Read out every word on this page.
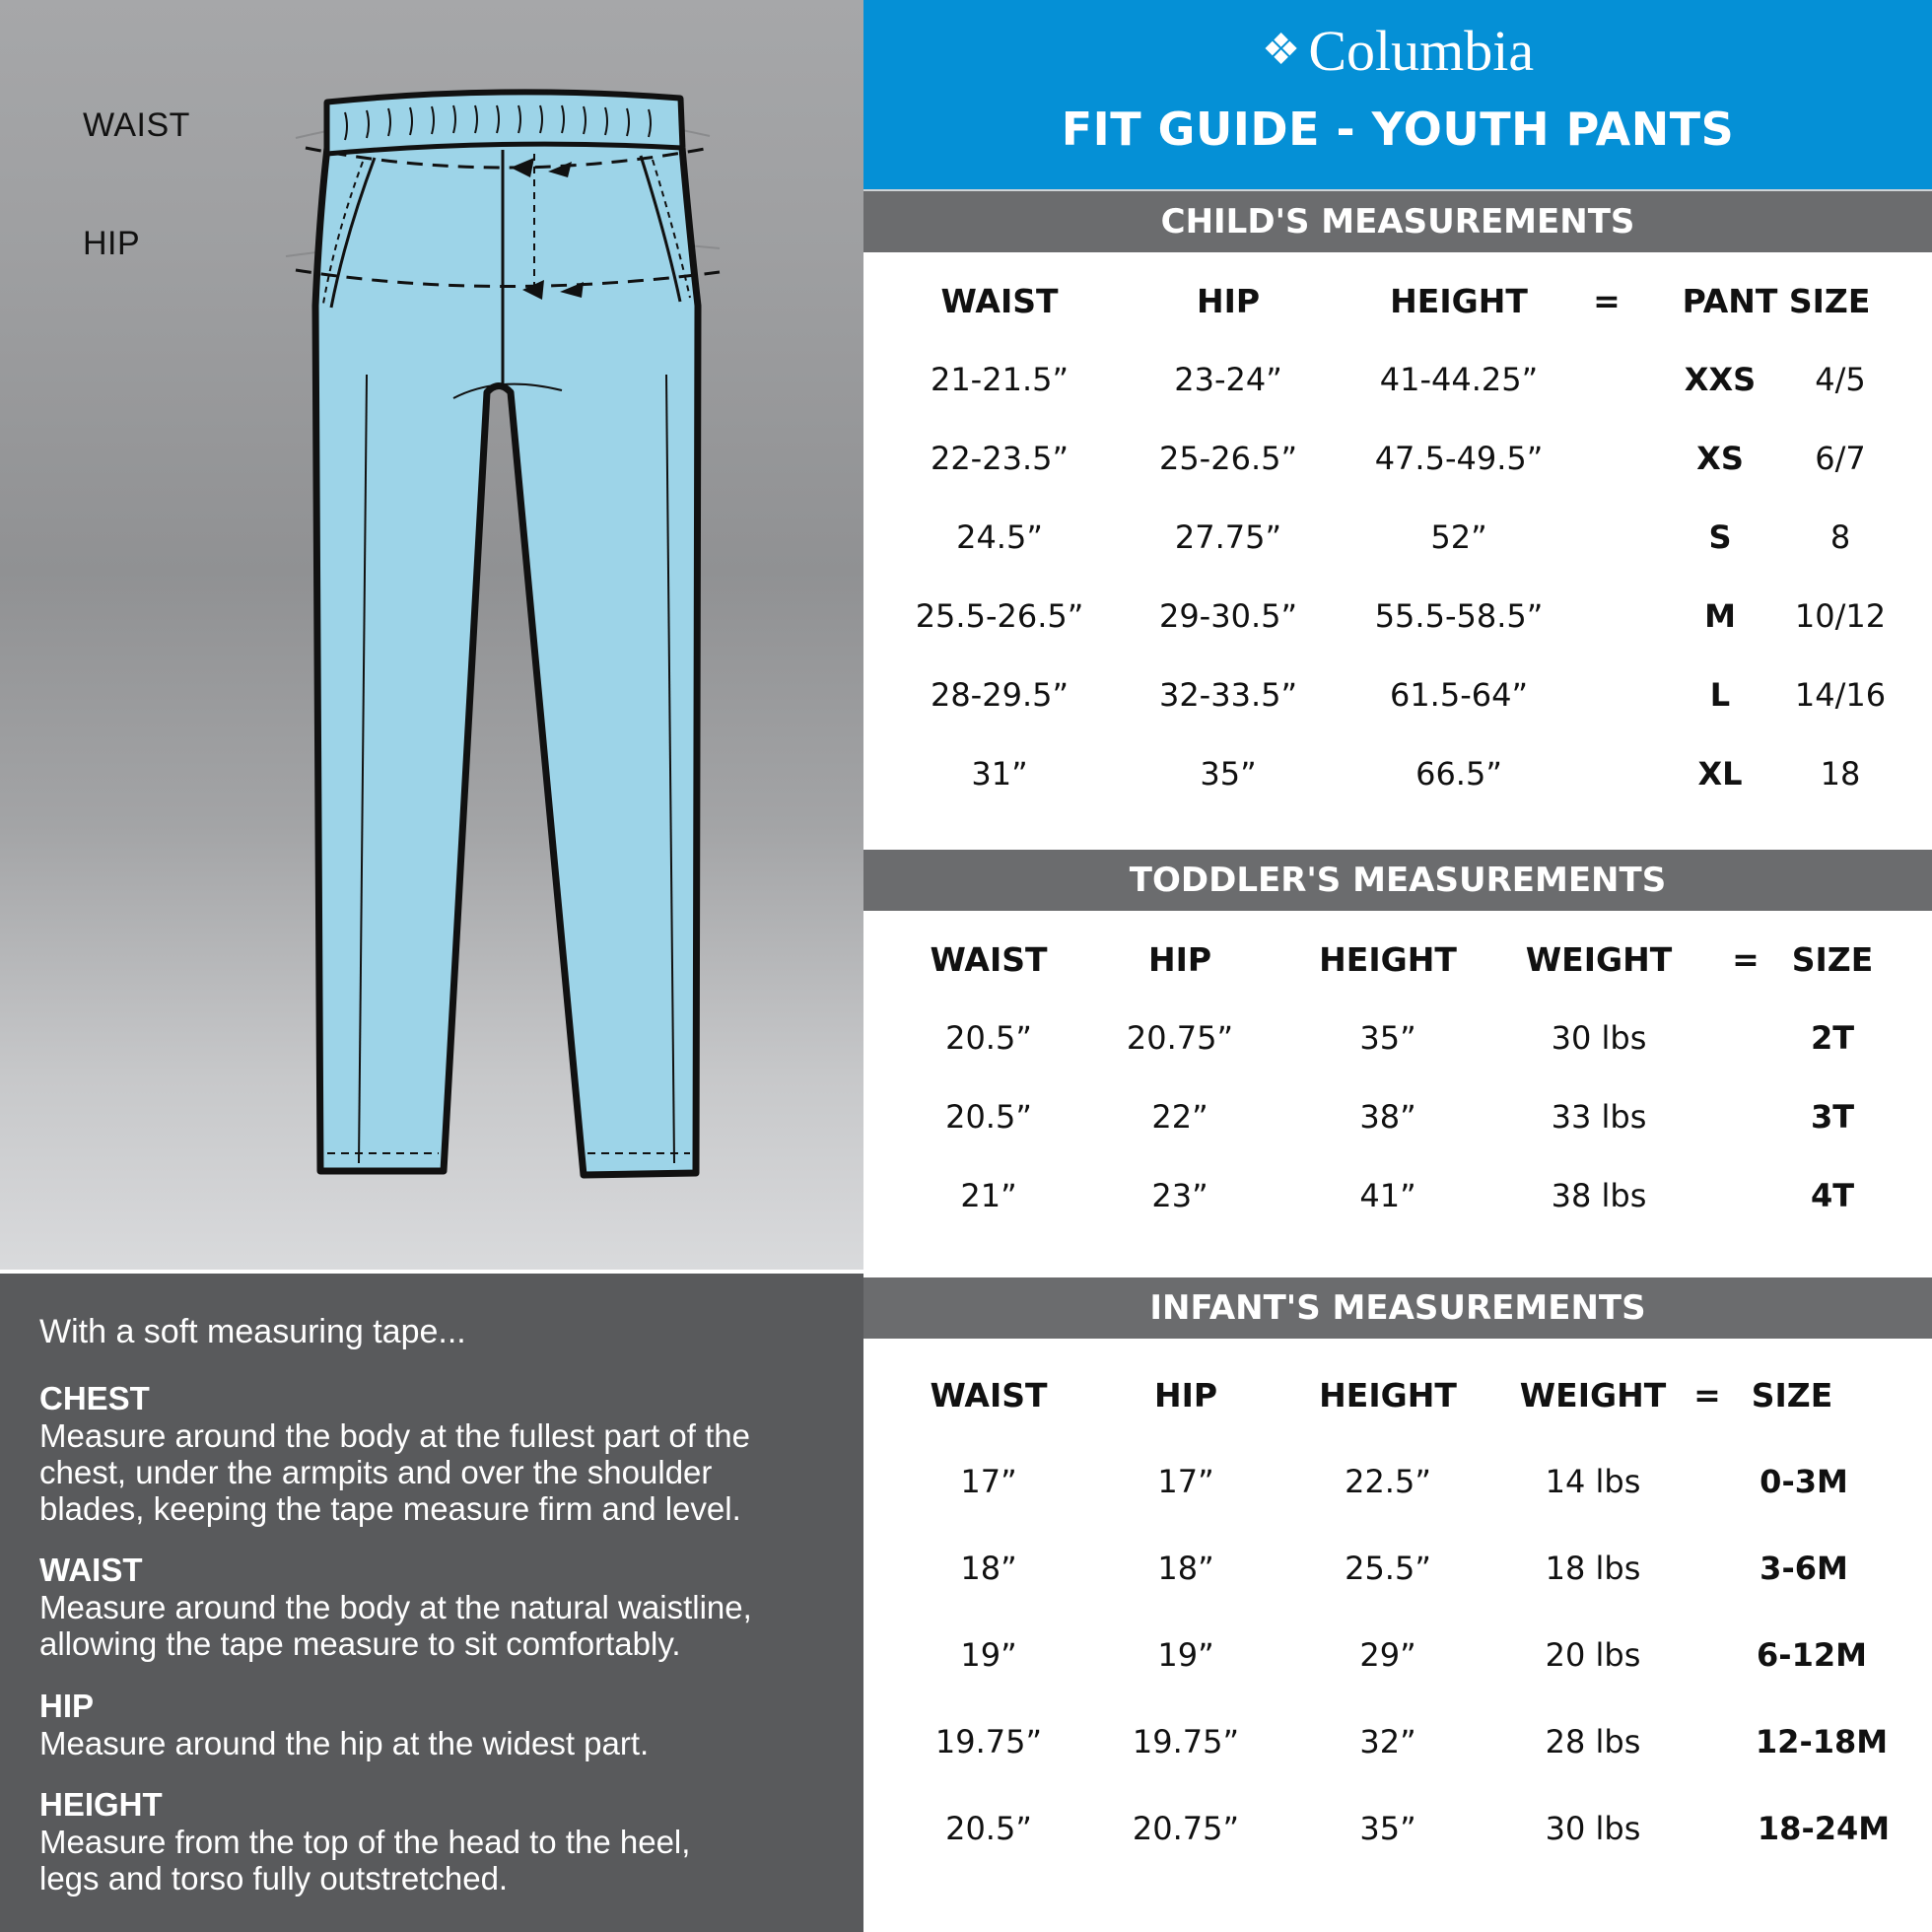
WAIST
HIP
With a soft measuring tape...
CHEST
Measure around the body at the fullest part of the
chest, under the armpits and over the shoulder
blades, keeping the tape measure firm and level.
WAIST
Measure around the body at the natural waistline,
allowing the tape measure to sit comfortably.
HIP
Measure around the hip at the widest part.
HEIGHT
Measure from the top of the head to the heel,
legs and torso fully outstretched.
❖ Columbia
FIT GUIDE - YOUTH PANTS
CHILD'S MEASUREMENTS
WAIST	HIP	HEIGHT = PANT SIZE
21-21.5”	23-24”	41-44.25”	XXS 4/5
22-23.5”	25-26.5” 47.5-49.5”	XS 6/7
24.5”	27.75”	52”	S	8
25.5-26.5” 29-30.5” 55.5-58.5”	M 10/12
28-29.5”	32-33.5”	61.5-64”	L 14/16
31”	35”	66.5”	XL 18
TODDLER'S MEASUREMENTS
WAIST	HIP	HEIGHT WEIGHT = SIZE
20.5”	20.75”	35”	30 lbs	2T
20.5”	22”	38”	33 lbs	3T
21”	23”	41”	38 lbs	4T
INFANT'S MEASUREMENTS
WAIST	HIP	HEIGHT WEIGHT = SIZE
17”	17”	22.5”	14 lbs	0-3M
18”	18”	25.5”	18 lbs	3-6M
19”	19”	29”	20 lbs	6-12M
19.75”	19.75”	32”	28 lbs	12-18M
20.5”	20.75”	35”	30 lbs	18-24M
